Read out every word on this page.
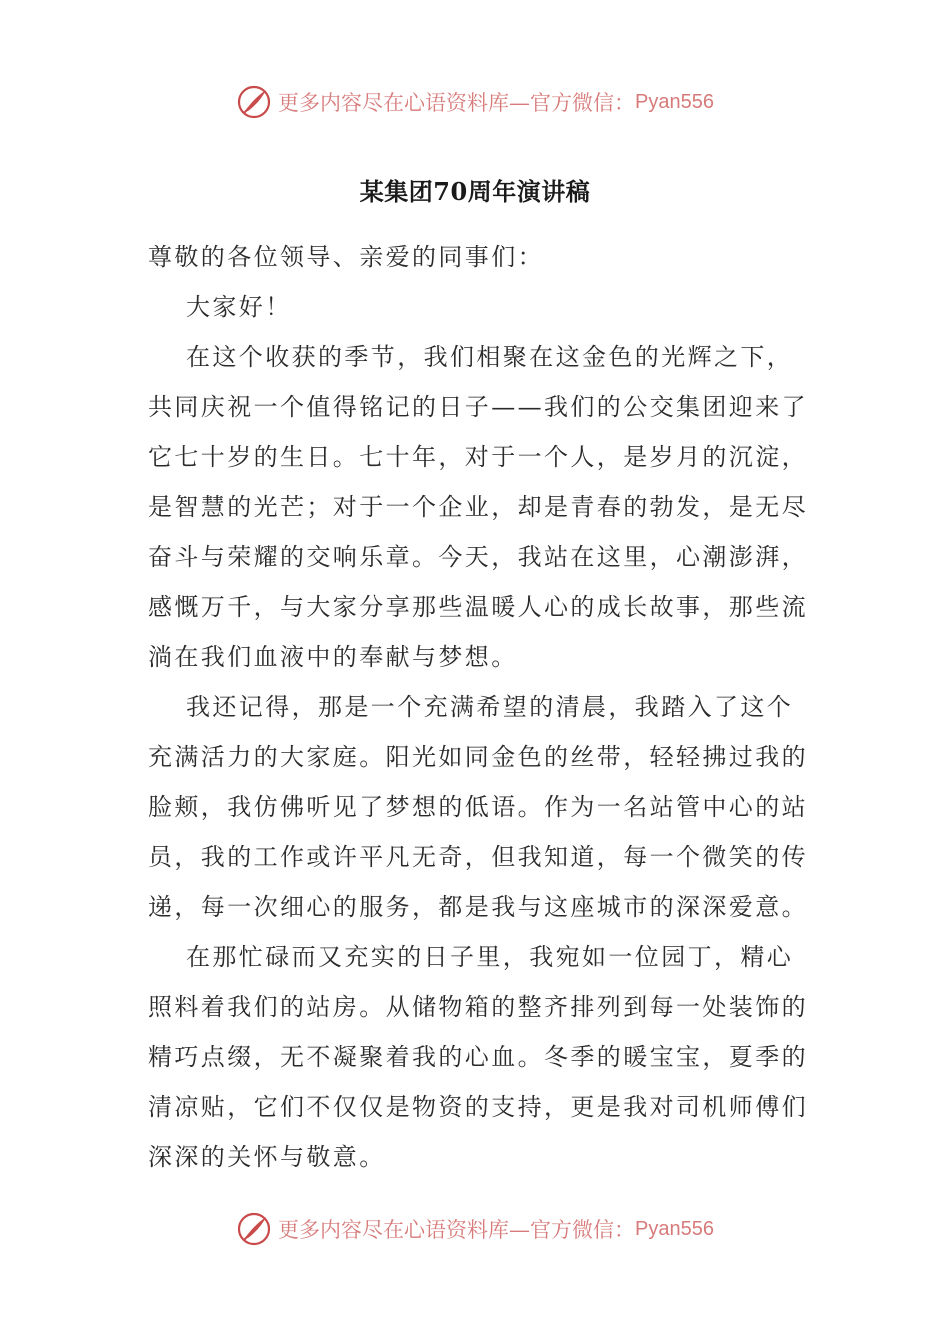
更多内容尽在心语资料库—官方微信： Pyan556
某集团70周年演讲稿

尊敬的各位领导、亲爱的同事们：

大家好！

在这个收获的季节，我们相聚在这金色的光辉之下，共同庆祝一个值得铭记的日子——我们的公交集团迎来了它七十岁的生日。七十年，对于一个人，是岁月的沉淀，是智慧的光芒；对于一个企业，却是青春的勃发，是无尽奋斗与荣耀的交响乐章。今天，我站在这里，心潮澎湃，感慨万千，与大家分享那些温暖人心的成长故事，那些流淌在我们血液中的奉献与梦想。

我还记得，那是一个充满希望的清晨，我踏入了这个充满活力的大家庭。阳光如同金色的丝带，轻轻拂过我的脸颊，我仿佛听见了梦想的低语。作为一名站管中心的站员，我的工作或许平凡无奇，但我知道，每一个微笑的传递，每一次细心的服务，都是我与这座城市的深深爱意。

在那忙碌而又充实的日子里，我宛如一位园丁，精心照料着我们的站房。从储物箱的整齐排列到每一处装饰的精巧点缀，无不凝聚着我的心血。冬季的暖宝宝，夏季的清凉贴，它们不仅仅是物资的支持，更是我对司机师傅们深深的关怀与敬意。

更多内容尽在心语资料库—官方微信： Pyan556
